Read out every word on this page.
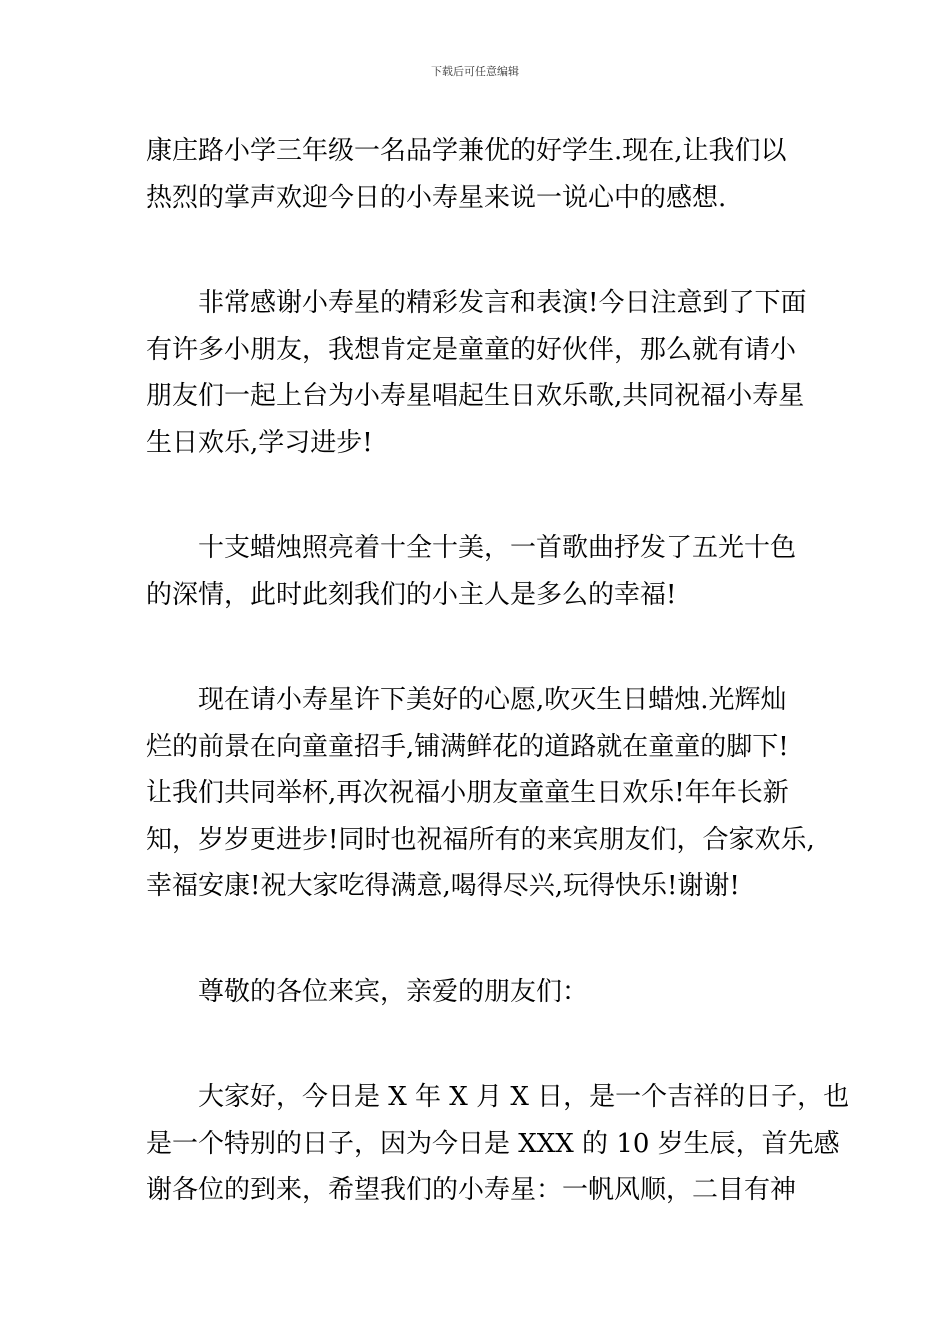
下载后可任意编辑

康庄路小学三年级一名品学兼优的好学生.现在,让我们以
热烈的掌声欢迎今日的小寿星来说一说心中的感想.

　　非常感谢小寿星的精彩发言和表演!今日注意到了下面
有许多小朋友，我想肯定是童童的好伙伴，那么就有请小
朋友们一起上台为小寿星唱起生日欢乐歌,共同祝福小寿星
生日欢乐,学习进步!

　　十支蜡烛照亮着十全十美，一首歌曲抒发了五光十色
的深情，此时此刻我们的小主人是多么的幸福!

　　现在请小寿星许下美好的心愿,吹灭生日蜡烛.光辉灿
烂的前景在向童童招手,铺满鲜花的道路就在童童的脚下!
让我们共同举杯,再次祝福小朋友童童生日欢乐!年年长新
知，岁岁更进步!同时也祝福所有的来宾朋友们，合家欢乐,
幸福安康!祝大家吃得满意,喝得尽兴,玩得快乐!谢谢!

　　尊敬的各位来宾，亲爱的朋友们：

　　大家好，今日是 X 年 X 月 X 日，是一个吉祥的日子，也
是一个特别的日子，因为今日是 XXX 的 10 岁生辰，首先感
谢各位的到来，希望我们的小寿星：一帆风顺，二目有神
